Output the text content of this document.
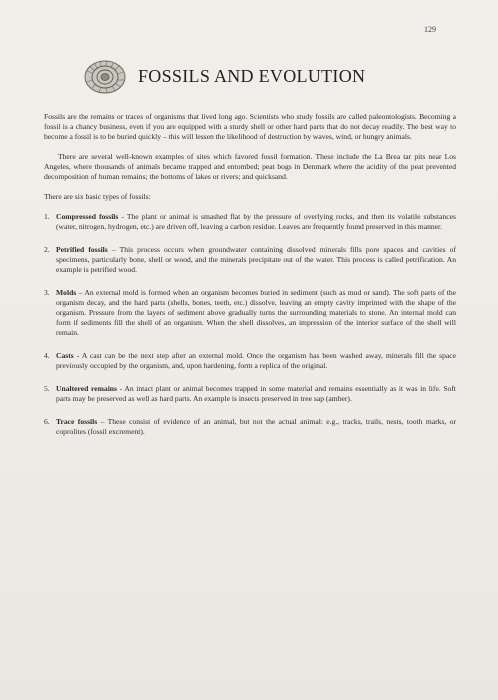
129
FOSSILS AND EVOLUTION

Fossils are the remains or traces of organisms that lived long ago. Scientists who study fossils are called paleontologists. Becoming a fossil is a chancy business, even if you are equipped with a sturdy shell or other hard parts that do not decay readily. The best way to become a fossil is to be buried quickly – this will lessen the likelihood of destruction by waves, wind, or hungry animals.

There are several well-known examples of sites which favored fossil formation. These include the La Brea tar pits near Los Angeles, where thousands of animals became trapped and entombed; peat bogs in Denmark where the acidity of the peat prevented decomposition of human remains; the bottoms of lakes or rivers; and quicksand.

There are six basic types of fossils:

1. Compressed fossils - The plant or animal is smashed flat by the pressure of overlying rocks, and then its volatile substances (water, nitrogen, hydrogen, etc.) are driven off, leaving a carbon residue. Leaves are frequently found preserved in this manner.
2. Petrified fossils – This process occurs when groundwater containing dissolved minerals fills pore spaces and cavities of specimens, particularly bone, shell or wood, and the minerals precipitate out of the water. This process is called petrification. An example is petrified wood.
3. Molds – An external mold is formed when an organism becomes buried in sediment (such as mud or sand). The soft parts of the organism decay, and the hard parts (shells, bones, teeth, etc.) dissolve, leaving an empty cavity imprinted with the shape of the organism. Pressure from the layers of sediment above gradually turns the surrounding materials to stone. An internal mold can form if sediments fill the shell of an organism. When the shell dissolves, an impression of the interior surface of the shell will remain.
4. Casts - A cast can be the next step after an external mold. Once the organism has been washed away, minerals fill the space previously occupied by the organism, and, upon hardening, form a replica of the original.
5. Unaltered remains - An intact plant or animal becomes trapped in some material and remains essentially as it was in life. Soft parts may be preserved as well as hard parts. An example is insects preserved in tree sap (amber).
6. Trace fossils – These consist of evidence of an animal, but not the actual animal: e.g., tracks, trails, nests, tooth marks, or coprolites (fossil excrement).
